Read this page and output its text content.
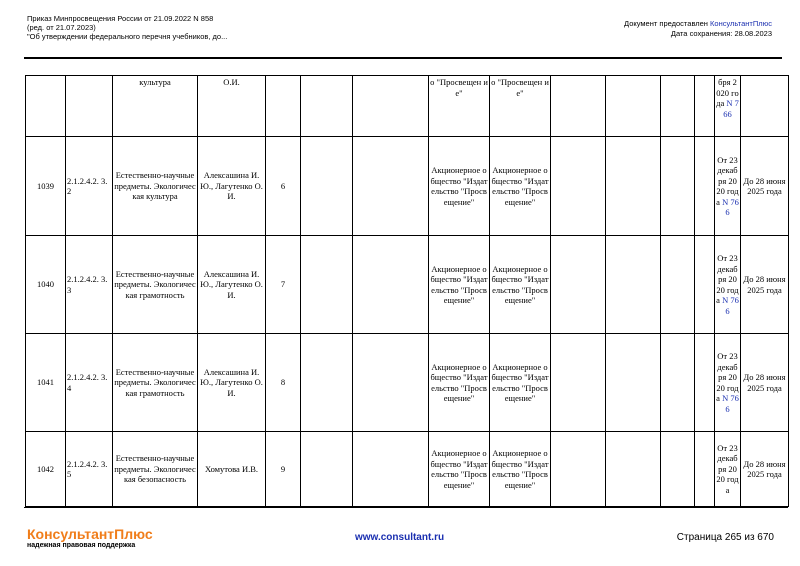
Приказ Минпросвещения России от 21.09.2022 N 858
(ред. от 21.07.2023)
"Об утверждении федерального перечня учебников, до...
Документ предоставлен КонсультантПлюс
Дата сохранения: 28.08.2023
		культура	О.И.				о "Просвещен ие"	о "Просвещен ие"					бря 2020 года N 766	
1039	2.1.2.4.2. 3.2	Естественно-научные предметы. Экологическая культура	Алексашина И.Ю., Лагутенко О.И.	6			Акционерное общество "Издательство "Просвещение"	Акционерное общество "Издательство "Просвещение"					От 23 декабря 2020 года N 766	До 28 июня 2025 года
1040	2.1.2.4.2. 3.3	Естественно-научные предметы. Экологическая грамотность	Алексашина И.Ю., Лагутенко О.И.	7			Акционерное общество "Издательство "Просвещение"	Акционерное общество "Издательство "Просвещение"					От 23 декабря 2020 года N 766	До 28 июня 2025 года
1041	2.1.2.4.2. 3.4	Естественно-научные предметы. Экологическая грамотность	Алексашина И.Ю., Лагутенко О.И.	8			Акционерное общество "Издательство "Просвещение"	Акционерное общество "Издательство "Просвещение"					От 23 декабря 2020 года N 766	До 28 июня 2025 года
1042	2.1.2.4.2. 3.5	Естественно-научные предметы. Экологическая безопасность	Хомутова И.В.	9			Акционерное общество "Издательство "Просвещение"	Акционерное общество "Издательство "Просвещение"					От 23 декабря 2020 года	До 28 июня 2025 года
КонсультантПлюс
надежная правовая поддержка
www.consultant.ru	Страница 265 из 670
